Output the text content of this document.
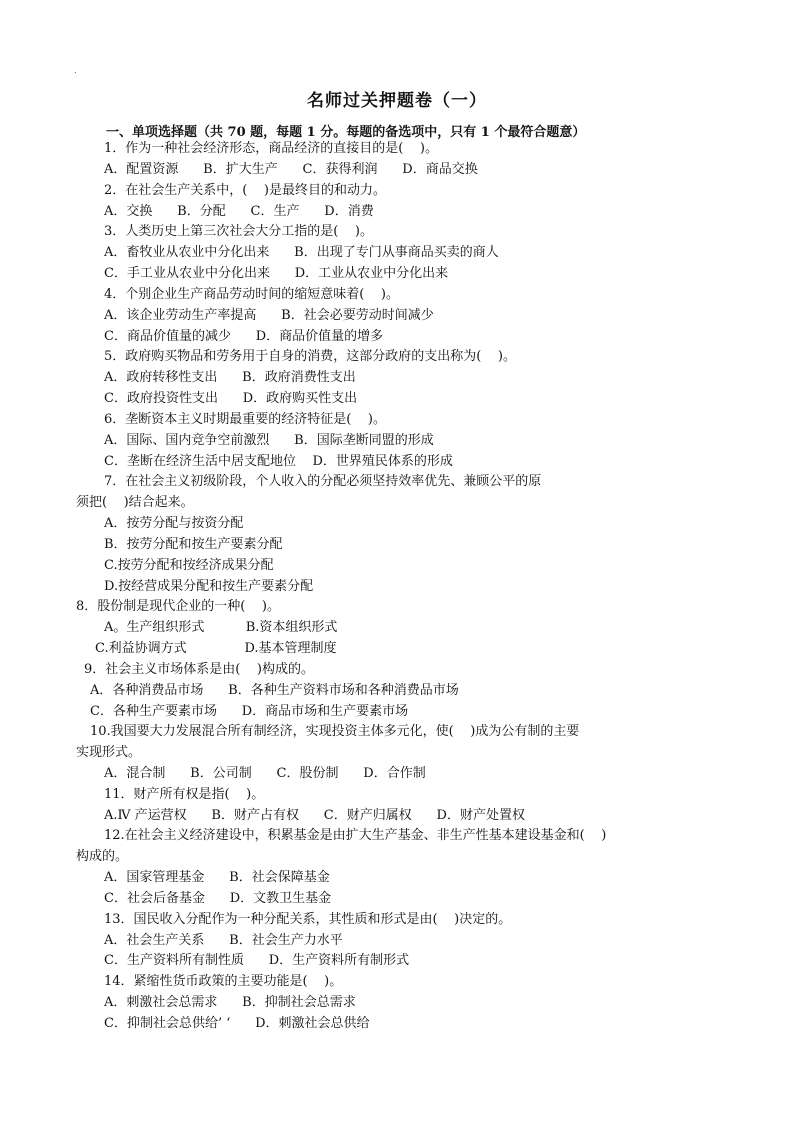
.
名师过关押题卷（一）
一、单项选择题（共 70 题，每题 1 分。每题的备选项中，只有 1 个最符合题意）
1．作为一种社会经济形态，商品经济的直接目的是(    )。
A．配置资源      B．扩大生产      C．获得利润      D．商品交换
2．在社会生产关系中，(    )是最终目的和动力。
A．交换      B．分配      C．生产      D．消费
3．人类历史上第三次社会大分工指的是(    )。
A．畜牧业从农业中分化出来      B．出现了专门从事商品买卖的商人
C．手工业从农业中分化出来      D．工业从农业中分化出来
4．个别企业生产商品劳动时间的缩短意味着(    )。
A．该企业劳动生产率提高      B．社会必要劳动时间减少
C．商品价值量的减少      D．商品价值量的增多
5．政府购买物品和劳务用于自身的消费，这部分政府的支出称为(    )。
A．政府转移性支出      B．政府消费性支出
C．政府投资性支出      D．政府购买性支出
6．垄断资本主义时期最重要的经济特征是(    )。
A．国际、国内竞争空前激烈      B．国际垄断同盟的形成
C．垄断在经济生活中居支配地位    D．世界殖民体系的形成
7．在社会主义初级阶段，个人收入的分配必须坚持效率优先、兼顾公平的原
须把(    )结合起来。
A．按劳分配与按资分配
B．按劳分配和按生产要素分配
C.按劳分配和按经济成果分配
D.按经营成果分配和按生产要素分配
8．股份制是现代企业的一种(    )。
A。生产组织形式          B.资本组织形式
C.利益协调方式              D.基本管理制度
9．社会主义市场体系是由(    )构成的。
A．各种消费品市场      B．各种生产资料市场和各种消费品市场
C．各种生产要素市场      D．商品市场和生产要素市场
10.我国要大力发展混合所有制经济，实现投资主体多元化，使(    )成为公有制的主要
实现形式。
A．混合制      B．公司制      C．股份制      D．合作制
11．财产所有权是指(    )。
A.Ⅳ 产运营权      B．财产占有权      C．财产归属权      D．财产处置权
12.在社会主义经济建设中，积累基金是由扩大生产基金、非生产性基本建设基金和(    )
构成的。
A．国家管理基金      B．社会保障基金
C．社会后备基金      D．文教卫生基金
13．国民收入分配作为一种分配关系，其性质和形式是由(    )决定的。
A．社会生产关系      B．社会生产力水平
C．生产资料所有制性质      D．生产资料所有制形式
14．紧缩性货币政策的主要功能是(    )。
A．刺激社会总需求      B．抑制社会总需求
C．抑制社会总供给’ ‘      D．刺激社会总供给
